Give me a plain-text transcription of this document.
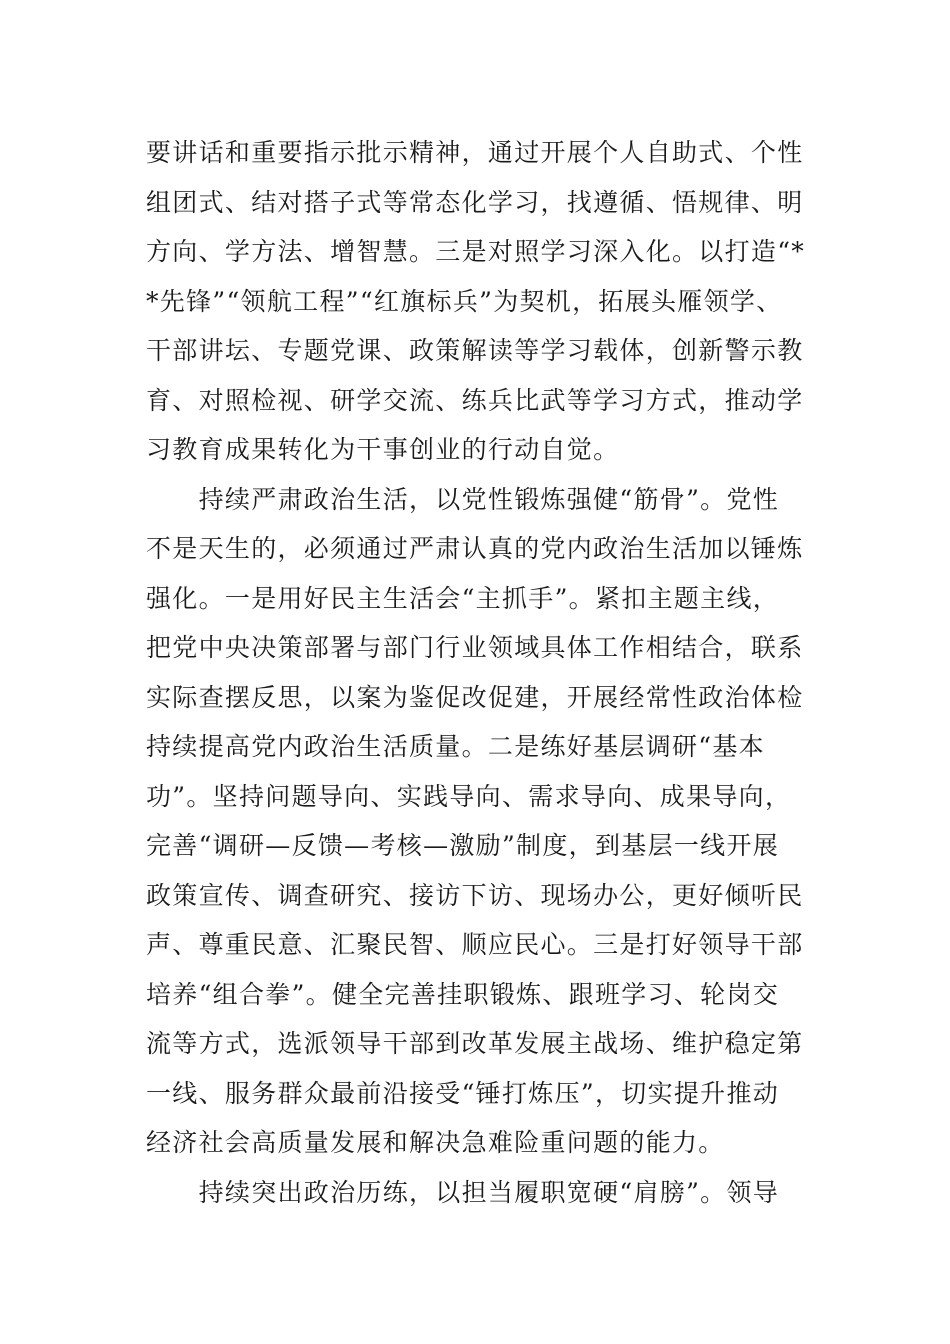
要讲话和重要指示批示精神，通过开展个人自助式、个性
组团式、结对搭子式等常态化学习，找遵循、悟规律、明
方向、学方法、增智慧。三是对照学习深入化。以打造“*
*先锋”“领航工程”“红旗标兵”为契机，拓展头雁领学、
干部讲坛、专题党课、政策解读等学习载体，创新警示教
育、对照检视、研学交流、练兵比武等学习方式，推动学
习教育成果转化为干事创业的行动自觉。
　　持续严肃政治生活，以党性锻炼强健“筋骨”。党性
不是天生的，必须通过严肃认真的党内政治生活加以锤炼
强化。一是用好民主生活会“主抓手”。紧扣主题主线，
把党中央决策部署与部门行业领域具体工作相结合，联系
实际查摆反思，以案为鉴促改促建，开展经常性政治体检
持续提高党内政治生活质量。二是练好基层调研“基本
功”。坚持问题导向、实践导向、需求导向、成果导向，
完善“调研—反馈—考核—激励”制度，到基层一线开展
政策宣传、调查研究、接访下访、现场办公，更好倾听民
声、尊重民意、汇聚民智、顺应民心。三是打好领导干部
培养“组合拳”。健全完善挂职锻炼、跟班学习、轮岗交
流等方式，选派领导干部到改革发展主战场、维护稳定第
一线、服务群众最前沿接受“锤打炼压”，切实提升推动
经济社会高质量发展和解决急难险重问题的能力。
　　持续突出政治历练，以担当履职宽硬“肩膀”。领导
